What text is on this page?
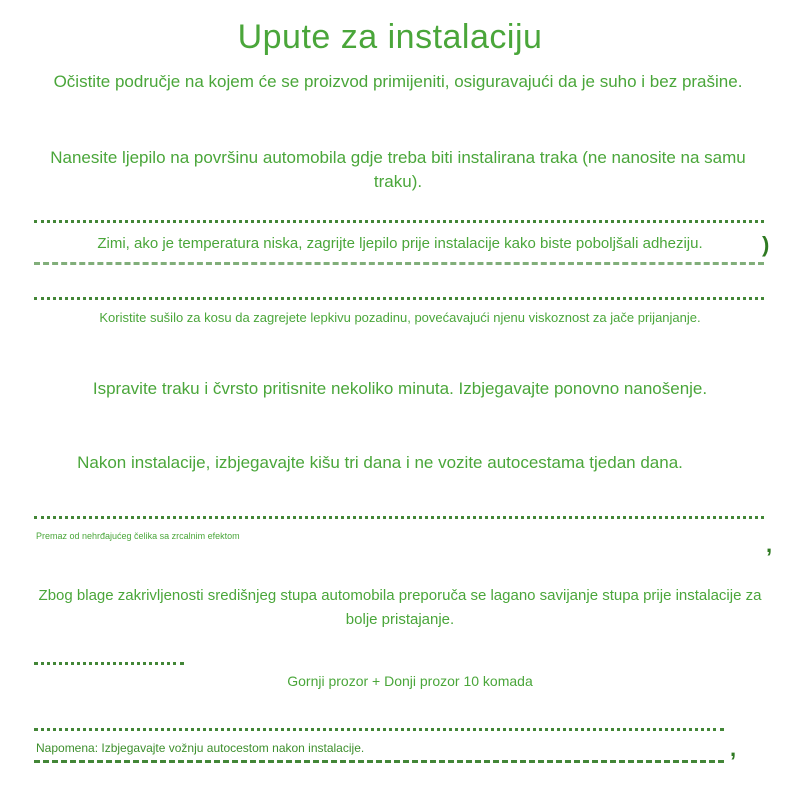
)
,
,
Upute za instalaciju
Očistite područje na kojem će se proizvod primijeniti, osiguravajući da je suho i bez prašine.
Nanesite ljepilo na površinu automobila gdje treba biti instalirana traka (ne nanosite na samu traku).
Zimi, ako je temperatura niska, zagrijte ljepilo prije instalacije kako biste poboljšali adheziju.
Koristite sušilo za kosu da zagrejete lepkivu pozadinu, povećavajući njenu viskoznost za jače prijanjanje.
Ispravite traku i čvrsto pritisnite nekoliko minuta. Izbjegavajte ponovno nanošenje.
Nakon instalacije, izbjegavajte kišu tri dana i ne vozite autocestama tjedan dana.
Premaz od nehrđajućeg čelika sa zrcalnim efektom
Zbog blage zakrivljenosti središnjeg stupa automobila preporuča se lagano savijanje stupa prije instalacije za bolje pristajanje.
Gornji prozor + Donji prozor 10 komada
Napomena: Izbjegavajte vožnju autocestom nakon instalacije.
